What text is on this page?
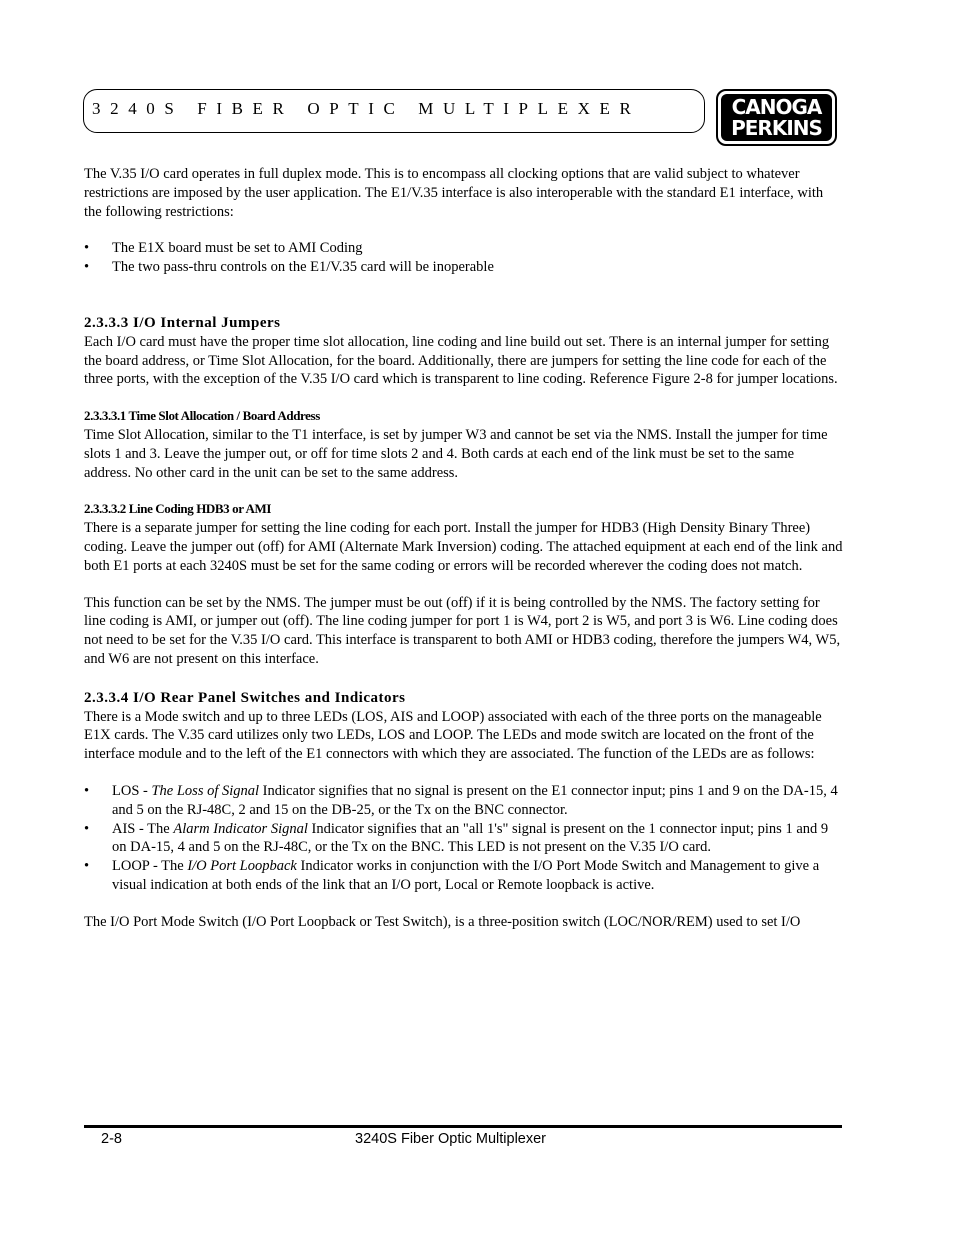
3240S FIBER OPTIC MULTIPLEXER	CANOGA
PERKINS

The V.35 I/O card operates in full duplex mode. This is to encompass all clocking options that are valid subject to whatever restrictions are imposed by the user application. The E1/V.35 interface is also interoperable with the standard E1 interface, with the following restrictions:

•	The E1X board must be set to AMI Coding
•	The two pass-thru controls on the E1/V.35 card will be inoperable

2.3.3.3 I/O Internal Jumpers

Each I/O card must have the proper time slot allocation, line coding and line build out set. There is an internal jumper for setting the board address, or Time Slot Allocation, for the board. Additionally, there are jumpers for setting the line code for each of the three ports, with the exception of the V.35 I/O card which is transparent to line coding. Reference Figure 2-8 for jumper locations.

2.3.3.3.1 Time Slot Allocation / Board Address

Time Slot Allocation, similar to the T1 interface, is set by jumper W3 and cannot be set via the NMS. Install the jumper for time slots 1 and 3. Leave the jumper out, or off for time slots 2 and 4. Both cards at each end of the link must be set to the same address. No other card in the unit can be set to the same address.

2.3.3.3.2 Line Coding HDB3 or AMI

There is a separate jumper for setting the line coding for each port. Install the jumper for HDB3 (High Density Binary Three) coding. Leave the jumper out (off) for AMI (Alternate Mark Inversion) coding. The attached equipment at each end of the link and both E1 ports at each 3240S must be set for the same coding or errors will be recorded wherever the coding does not match.

This function can be set by the NMS. The jumper must be out (off) if it is being controlled by the NMS. The factory setting for line coding is AMI, or jumper out (off). The line coding jumper for port 1 is W4, port 2 is W5, and port 3 is W6. Line coding does not need to be set for the V.35 I/O card. This interface is transparent to both AMI or HDB3 coding, therefore the jumpers W4, W5, and W6 are not present on this interface.

2.3.3.4 I/O Rear Panel Switches and Indicators

There is a Mode switch and up to three LEDs (LOS, AIS and LOOP) associated with each of the three ports on the manageable E1X cards. The V.35 card utilizes only two LEDs, LOS and LOOP. The LEDs and mode switch are located on the front of the interface module and to the left of the E1 connectors with which they are associated. The function of the LEDs are as follows:

•	LOS - The Loss of Signal Indicator signifies that no signal is present on the E1 connector input; pins 1 and 9 on the DA-15, 4 and 5 on the RJ-48C, 2 and 15 on the DB-25, or the Tx on the BNC connector.
•	AIS - The Alarm Indicator Signal Indicator signifies that an "all 1's" signal is present on the 1 connector input; pins 1 and 9 on DA-15, 4 and 5 on the RJ-48C, or the Tx on the BNC. This LED is not present on the V.35 I/O card.
•	LOOP - The I/O Port Loopback Indicator works in conjunction with the I/O Port Mode Switch and Management to give a visual indication at both ends of the link that an I/O port, Local or Remote loopback is active.

The I/O Port Mode Switch (I/O Port Loopback or Test Switch), is a three-position switch (LOC/NOR/REM) used to set I/O

2-8	3240S Fiber Optic Multiplexer
